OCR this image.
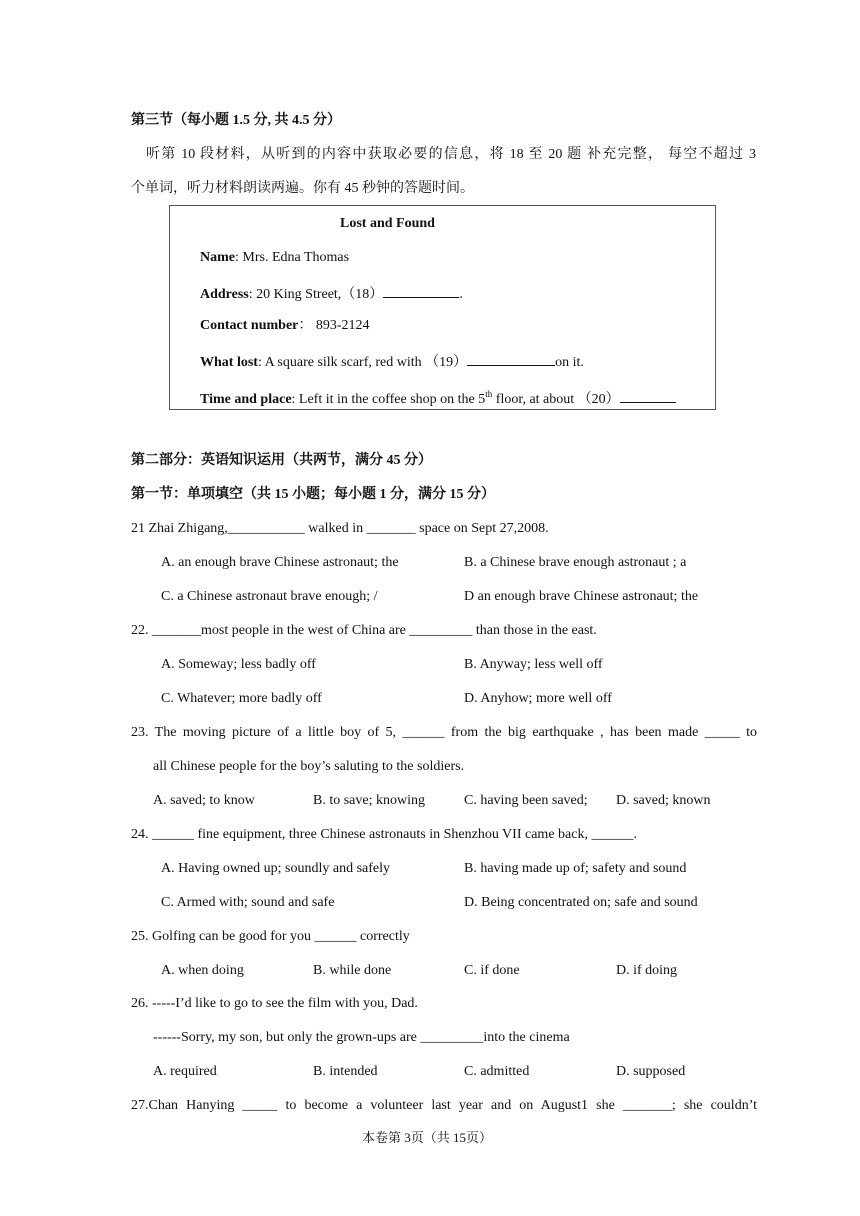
第三节（每小题 1.5 分, 共 4.5 分）
听第 10 段材料，从听到的内容中获取必要的信息，将 18 至 20 题 补充完整， 每空不超过 3
个单词，听力材料朗读两遍。你有 45 秒钟的答题时间。
Lost and Found
Name: Mrs. Edna Thomas
Address: 20 King Street,（18）	.
Contact number： 893-2124
What lost: A square silk scarf, red with （19）	on it.
Time and place: Left it in the coffee shop on the 5th floor, at about （20）
第二部分：英语知识运用（共两节，满分 45 分）
第一节：单项填空（共 15 小题；每小题 1 分，满分 15 分）
21 Zhai Zhigang,___________ walked in _______ space on Sept 27,2008.
A. an enough brave Chinese astronaut; the	B. a Chinese brave enough astronaut ; a
C. a Chinese astronaut brave enough; /	D an enough brave Chinese astronaut; the
22. _______most people in the west of China are _________ than those in the east.
A. Someway; less badly off	B. Anyway; less well off
C. Whatever; more badly off	D. Anyhow; more well off
23. The moving picture of a little boy of 5, ______ from the big earthquake , has been made _____ to
all Chinese people for the boy’s saluting to the soldiers.
A. saved; to know	B. to save; knowing	C. having been saved; D. saved; known
24. ______ fine equipment, three Chinese astronauts in Shenzhou VII came back, ______.
A. Having owned up; soundly and safely	B. having made up of; safety and sound
C. Armed with; sound and safe	D. Being concentrated on; safe and sound
25. Golfing can be good for you ______ correctly
A. when doing	B. while done	C. if done	D. if doing
26. -----I’d like to go to see the film with you, Dad.
------Sorry, my son, but only the grown-ups are _________into the cinema
A. required	B. intended	C. admitted	D. supposed
27.Chan Hanying _____ to become a volunteer last year and on August1 she _______; she couldn’t
本卷第 3页（共 15页）
